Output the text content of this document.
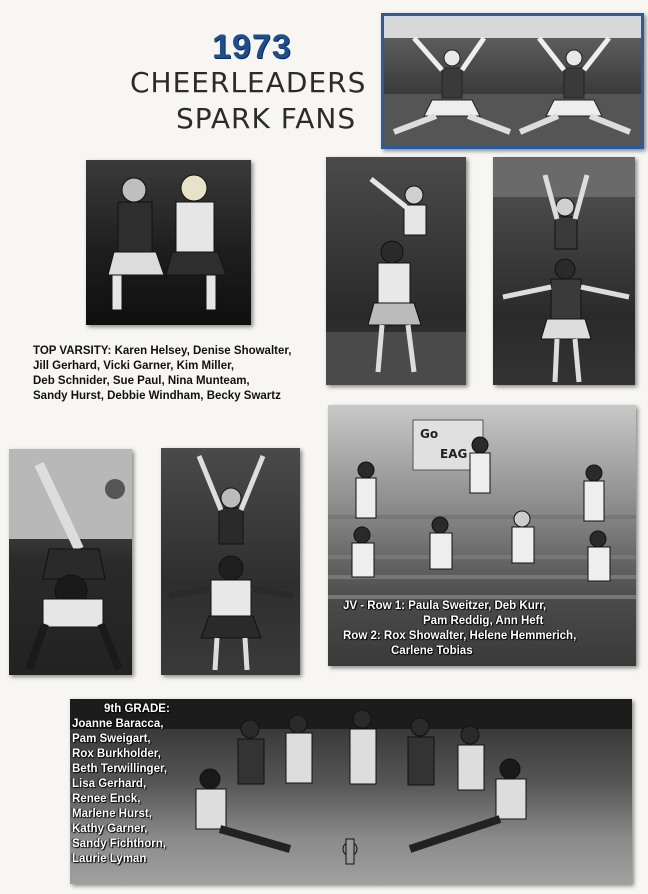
1973
CHEERLEADERS
SPARK FANS
TOP VARSITY: Karen Helsey, Denise Showalter,
Jill Gerhard, Vicki Garner, Kim Miller,
Deb Schnider, Sue Paul, Nina Munteam,
Sandy Hurst, Debbie Windham, Becky Swartz
Go
EAG
JV - Row 1: Paula Sweitzer, Deb Kurr,
Pam Reddig, Ann Heft
Row 2: Rox Showalter, Helene Hemmerich,
Carlene Tobias
9th GRADE:
Joanne Baracca,
Pam Sweigart,
Rox Burkholder,
Beth Terwillinger,
Lisa Gerhard,
Renee Enck,
Marlene Hurst,
Kathy Garner,
Sandy Fichthorn,
Laurie Lyman
